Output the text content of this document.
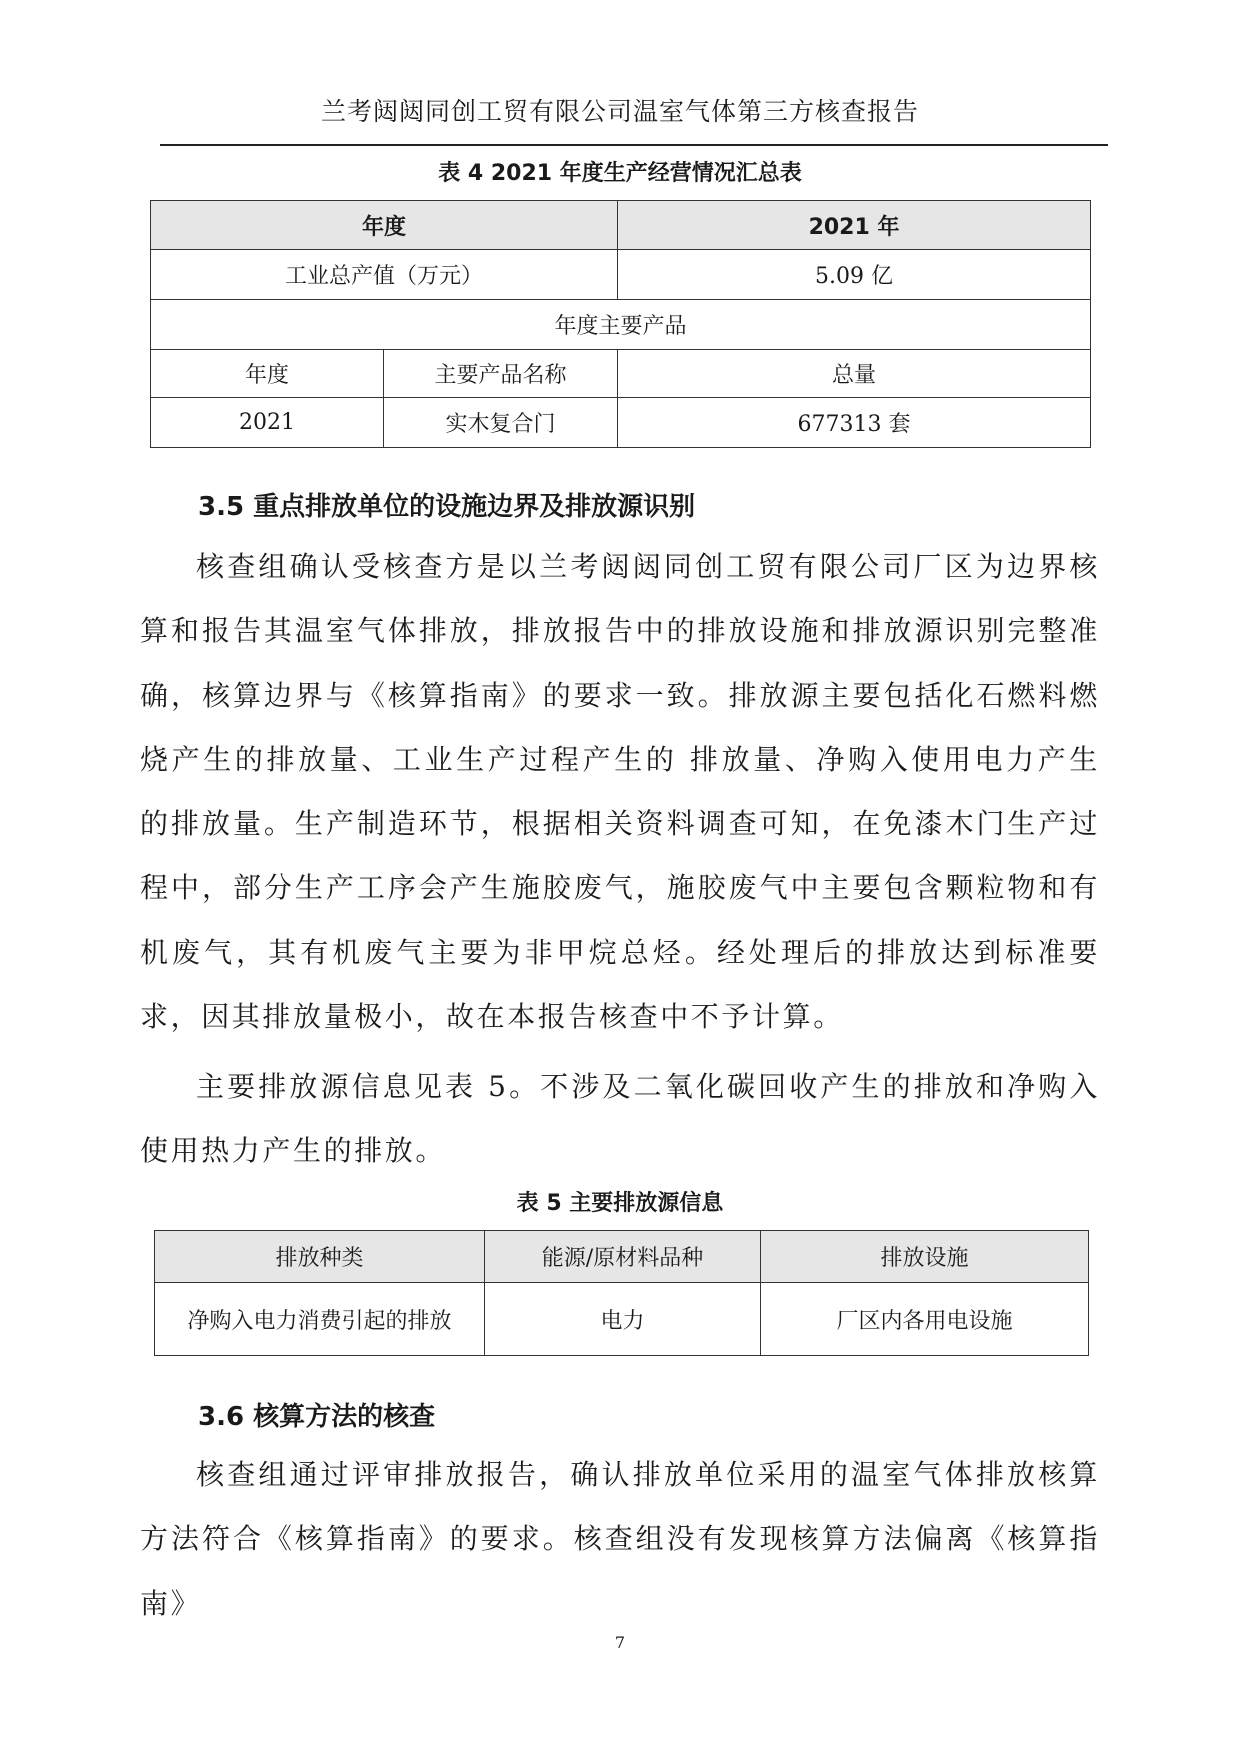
兰考闼闼同创工贸有限公司温室气体第三方核查报告
表 4 2021 年度生产经营情况汇总表
年度		2021 年
工业总产值（万元）		5.09 亿
年度主要产品		
年度	主要产品名称	总量
2021	实木复合门	677313 套
3.5 重点排放单位的设施边界及排放源识别

核查组确认受核查方是以兰考闼闼同创工贸有限公司厂区为边界核算和报告其温室气体排放，排放报告中的排放设施和排放源识别完整准确，核算边界与《核算指南》的要求一致。排放源主要包括化石燃料燃烧产生的排放量、工业生产过程产生的 排放量、净购入使用电力产生的排放量。生产制造环节，根据相关资料调查可知，在免漆木门生产过程中，部分生产工序会产生施胶废气，施胶废气中主要包含颗粒物和有机废气，其有机废气主要为非甲烷总烃。经处理后的排放达到标准要求，因其排放量极小，故在本报告核查中不予计算。

主要排放源信息见表 5。不涉及二氧化碳回收产生的排放和净购入使用热力产生的排放。

表 5 主要排放源信息
排放种类	能源/原材料品种	排放设施
净购入电力消费引起的排放	电力	厂区内各用电设施
3.6 核算方法的核查

核查组通过评审排放报告，确认排放单位采用的温室气体排放核算方法符合《核算指南》的要求。核查组没有发现核算方法偏离《核算指南》

7
